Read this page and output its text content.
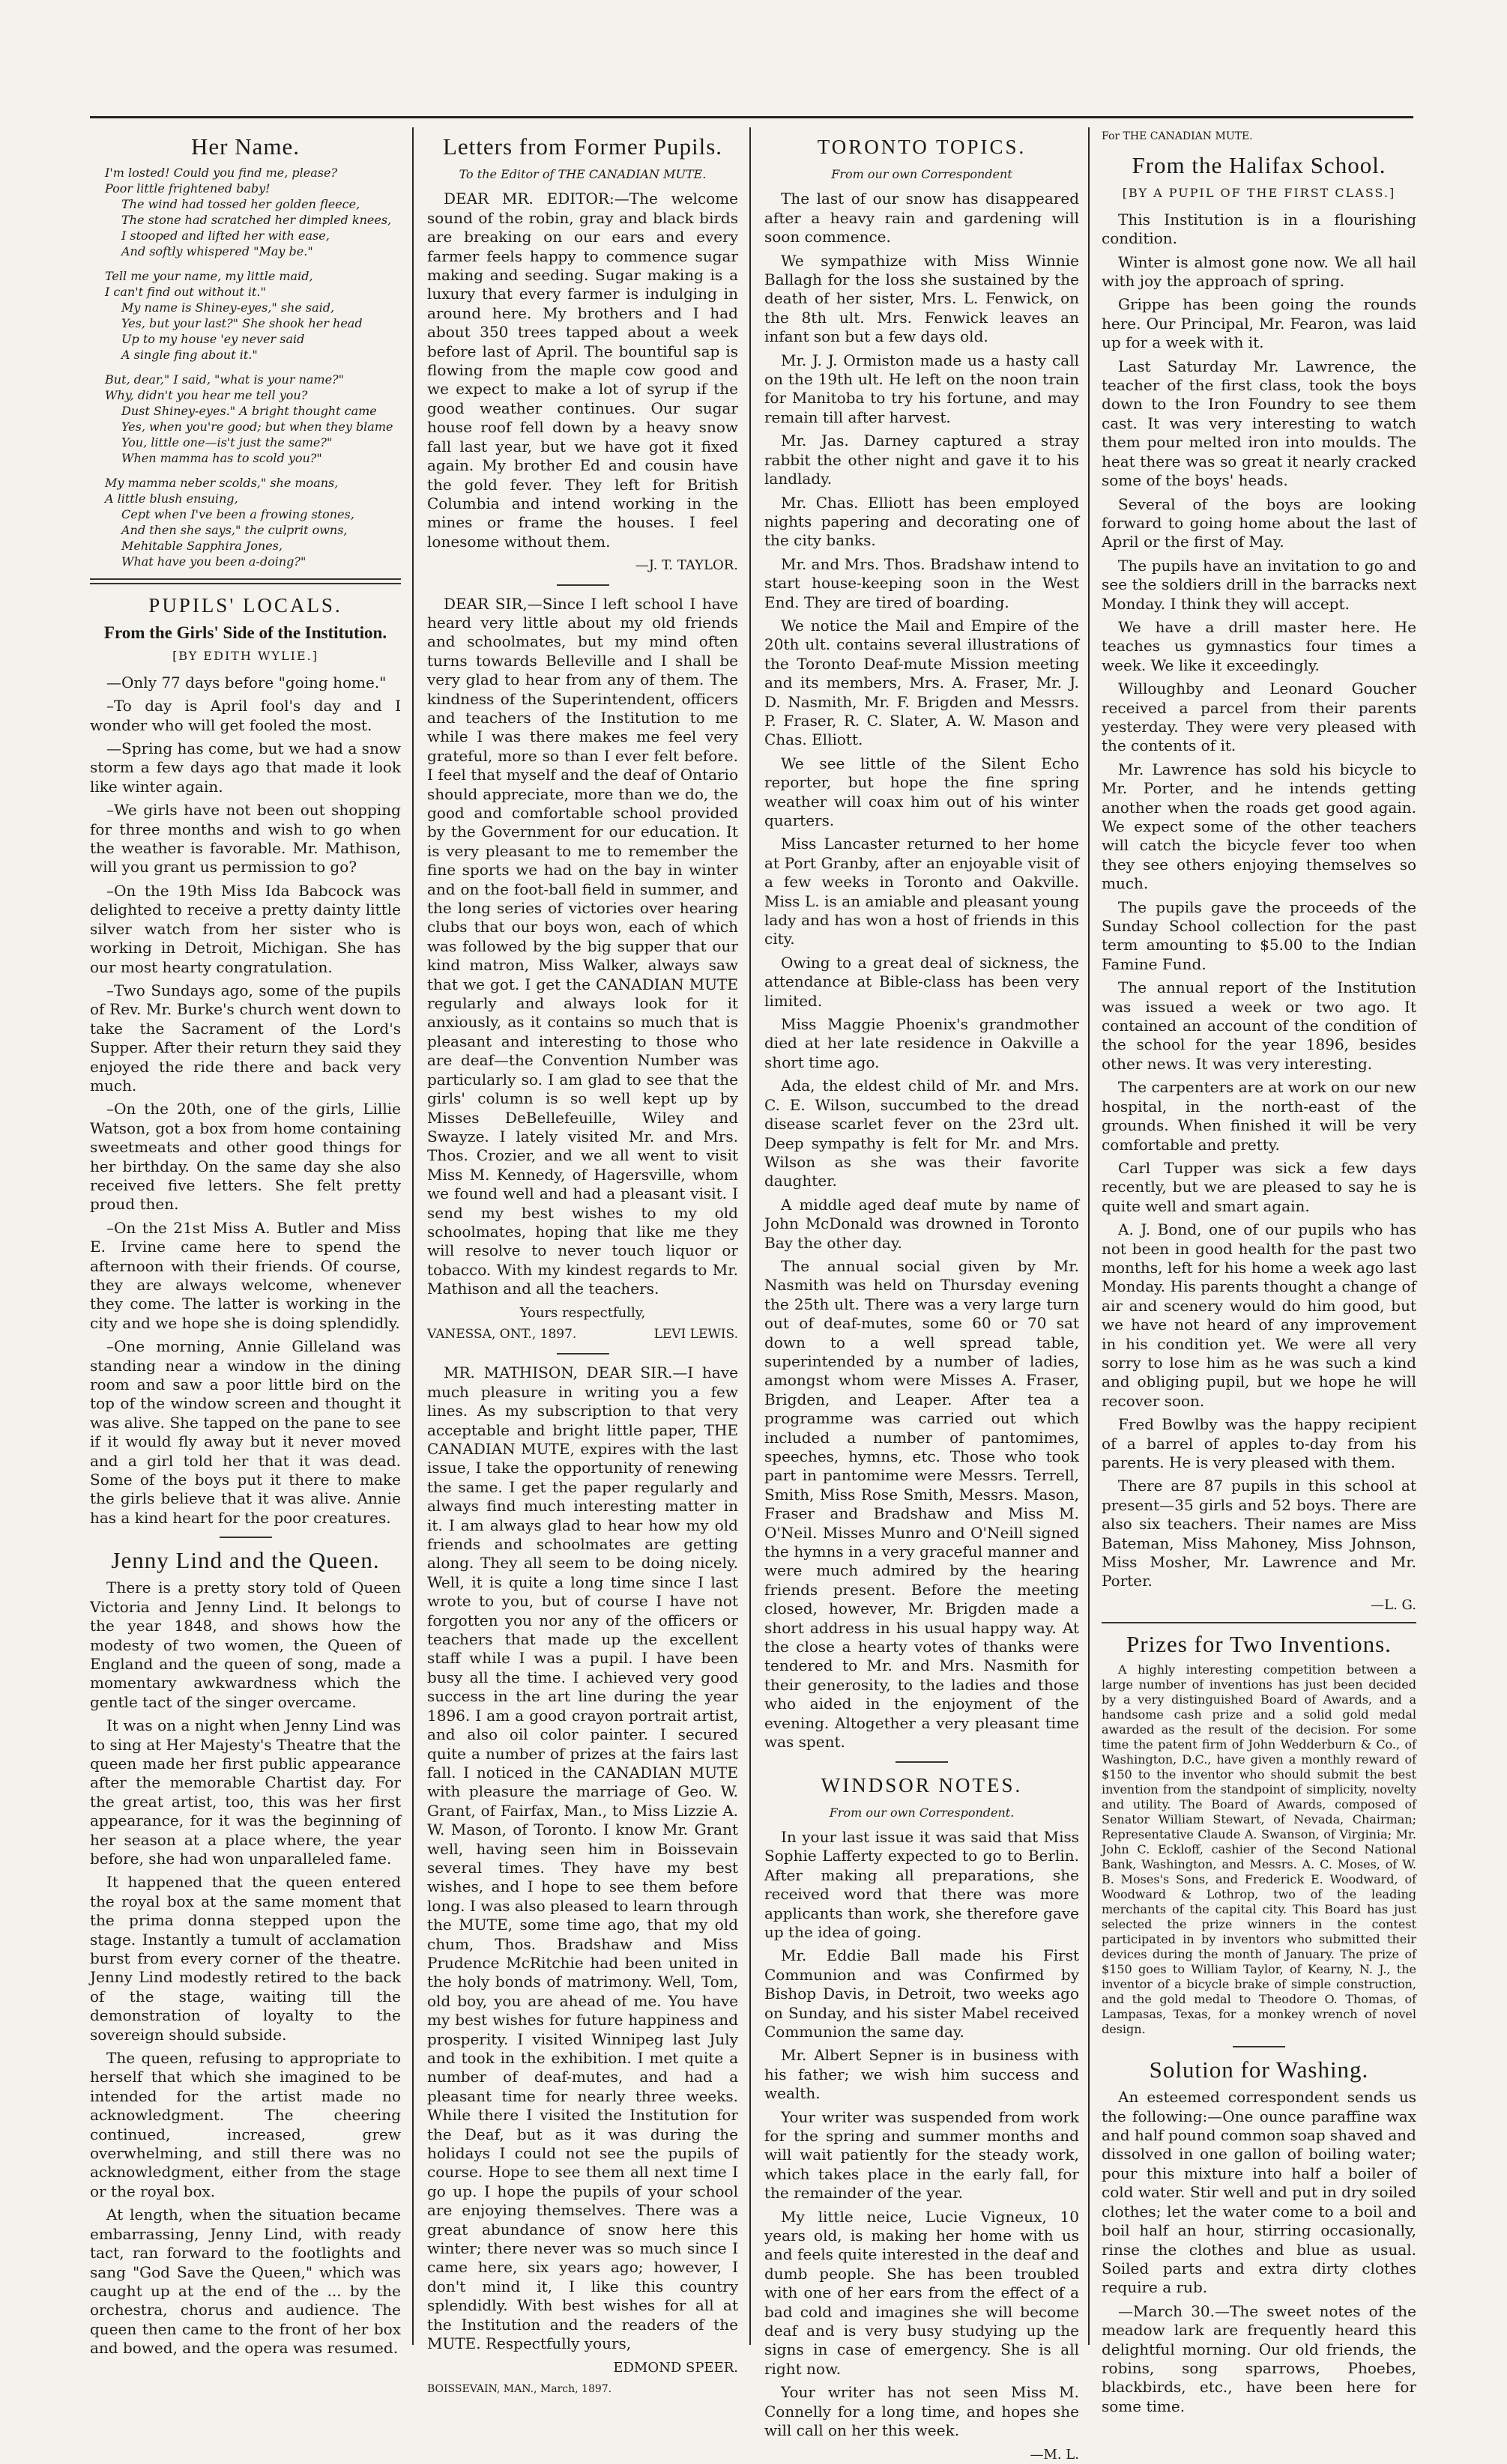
Her Name.
I'm losted! Could you find me, please?
Poor little frightened baby!
The wind had tossed her golden fleece,
The stone had scratched her dimpled knees,
I stooped and lifted her with ease,
And softly whispered "May be."
Tell me your name, my little maid,
I can't find out without it."
My name is Shiney-eyes," she said,
Yes, but your last?" She shook her head
Up to my house 'ey never said
A single fing about it."
But, dear," I said, "what is your name?"
Why, didn't you hear me tell you?
Dust Shiney-eyes." A bright thought came
Yes, when you're good; but when they blame
You, little one—is't just the same?"
When mamma has to scold you?"
My mamma neber scolds," she moans,
A little blush ensuing,
Cept when I've been a frowing stones,
And then she says," the culprit owns,
Mehitable Sapphira Jones,
What have you been a-doing?"
PUPILS' LOCALS.
From the Girls' Side of the Institution.
[BY EDITH WYLIE.]

—Only 77 days before "going home."

–To day is April fool's day and I wonder who will get fooled the most.

—Spring has come, but we had a snow storm a few days ago that made it look like winter again.

–We girls have not been out shopping for three months and wish to go when the weather is favorable. Mr. Mathison, will you grant us permission to go?

–On the 19th Miss Ida Babcock was delighted to receive a pretty dainty little silver watch from her sister who is working in Detroit, Michigan. She has our most hearty congratulation.

–Two Sundays ago, some of the pupils of Rev. Mr. Burke's church went down to take the Sacrament of the Lord's Supper. After their return they said they enjoyed the ride there and back very much.

–On the 20th, one of the girls, Lillie Watson, got a box from home containing sweetmeats and other good things for her birthday. On the same day she also received five letters. She felt pretty proud then.

–On the 21st Miss A. Butler and Miss E. Irvine came here to spend the afternoon with their friends. Of course, they are always welcome, whenever they come. The latter is working in the city and we hope she is doing splendidly.

–One morning, Annie Gilleland was standing near a window in the dining room and saw a poor little bird on the top of the window screen and thought it was alive. She tapped on the pane to see if it would fly away but it never moved and a girl told her that it was dead. Some of the boys put it there to make the girls believe that it was alive. Annie has a kind heart for the poor creatures.

Jenny Lind and the Queen.

There is a pretty story told of Queen Victoria and Jenny Lind. It belongs to the year 1848, and shows how the modesty of two women, the Queen of England and the queen of song, made a momentary awkwardness which the gentle tact of the singer overcame.

It was on a night when Jenny Lind was to sing at Her Majesty's Theatre that the queen made her first public appearance after the memorable Chartist day. For the great artist, too, this was her first appearance, for it was the beginning of her season at a place where, the year before, she had won unparalleled fame.

It happened that the queen entered the royal box at the same moment that the prima donna stepped upon the stage. Instantly a tumult of acclamation burst from every corner of the theatre. Jenny Lind modestly retired to the back of the stage, waiting till the demonstration of loyalty to the sovereign should subside.

The queen, refusing to appropriate to herself that which she imagined to be intended for the artist made no acknowledgment. The cheering continued, increased, grew overwhelming, and still there was no acknowledgment, either from the stage or the royal box.

At length, when the situation became embarrassing, Jenny Lind, with ready tact, ran forward to the footlights and sang "God Save the Queen," which was caught up at the end of the ... by the orchestra, chorus and audience. The queen then came to the front of her box and bowed, and the opera was resumed.

Letters from Former Pupils.
To the Editor of THE CANADIAN MUTE.

DEAR MR. EDITOR:—The welcome sound of the robin, gray and black birds are breaking on our ears and every farmer feels happy to commence sugar making and seeding. Sugar making is a luxury that every farmer is indulging in around here. My brothers and I had about 350 trees tapped about a week before last of April. The bountiful sap is flowing from the maple cow good and we expect to make a lot of syrup if the good weather continues. Our sugar house roof fell down by a heavy snow fall last year, but we have got it fixed again. My brother Ed and cousin have the gold fever. They left for British Columbia and intend working in the mines or frame the houses. I feel lonesome without them.

—J. T. TAYLOR.

DEAR SIR,—Since I left school I have heard very little about my old friends and schoolmates, but my mind often turns towards Belleville and I shall be very glad to hear from any of them. The kindness of the Superintendent, officers and teachers of the Institution to me while I was there makes me feel very grateful, more so than I ever felt before. I feel that myself and the deaf of Ontario should appreciate, more than we do, the good and comfortable school provided by the Government for our education. It is very pleasant to me to remember the fine sports we had on the bay in winter and on the foot-ball field in summer, and the long series of victories over hearing clubs that our boys won, each of which was followed by the big supper that our kind matron, Miss Walker, always saw that we got. I get the CANADIAN MUTE regularly and always look for it anxiously, as it contains so much that is pleasant and interesting to those who are deaf—the Convention Number was particularly so. I am glad to see that the girls' column is so well kept up by Misses DeBellefeuille, Wiley and Swayze. I lately visited Mr. and Mrs. Thos. Crozier, and we all went to visit Miss M. Kennedy, of Hagersville, whom we found well and had a pleasant visit. I send my best wishes to my old schoolmates, hoping that like me they will resolve to never touch liquor or tobacco. With my kindest regards to Mr. Mathison and all the teachers.

Yours respectfully,
VANESSA, ONT., 1897.	LEVI LEWIS.

MR. MATHISON, DEAR SIR.—I have much pleasure in writing you a few lines. As my subscription to that very acceptable and bright little paper, THE CANADIAN MUTE, expires with the last issue, I take the opportunity of renewing the same. I get the paper regularly and always find much interesting matter in it. I am always glad to hear how my old friends and schoolmates are getting along. They all seem to be doing nicely. Well, it is quite a long time since I last wrote to you, but of course I have not forgotten you nor any of the officers or teachers that made up the excellent staff while I was a pupil. I have been busy all the time. I achieved very good success in the art line during the year 1896. I am a good crayon portrait artist, and also oil color painter. I secured quite a number of prizes at the fairs last fall. I noticed in the CANADIAN MUTE with pleasure the marriage of Geo. W. Grant, of Fairfax, Man., to Miss Lizzie A. W. Mason, of Toronto. I know Mr. Grant well, having seen him in Boissevain several times. They have my best wishes, and I hope to see them before long. I was also pleased to learn through the MUTE, some time ago, that my old chum, Thos. Bradshaw and Miss Prudence McRitchie had been united in the holy bonds of matrimony. Well, Tom, old boy, you are ahead of me. You have my best wishes for future happiness and prosperity. I visited Winnipeg last July and took in the exhibition. I met quite a number of deaf-mutes, and had a pleasant time for nearly three weeks. While there I visited the Institution for the Deaf, but as it was during the holidays I could not see the pupils of course. Hope to see them all next time I go up. I hope the pupils of your school are enjoying themselves. There was a great abundance of snow here this winter; there never was so much since I came here, six years ago; however, I don't mind it, I like this country splendidly. With best wishes for all at the Institution and the readers of the MUTE. Respectfully yours,

EDMOND SPEER.
BOISSEVAIN, MAN., March, 1897.
TORONTO TOPICS.
From our own Correspondent

The last of our snow has disappeared after a heavy rain and gardening will soon commence.

We sympathize with Miss Winnie Ballagh for the loss she sustained by the death of her sister, Mrs. L. Fenwick, on the 8th ult. Mrs. Fenwick leaves an infant son but a few days old.

Mr. J. J. Ormiston made us a hasty call on the 19th ult. He left on the noon train for Manitoba to try his fortune, and may remain till after harvest.

Mr. Jas. Darney captured a stray rabbit the other night and gave it to his landlady.

Mr. Chas. Elliott has been employed nights papering and decorating one of the city banks.

Mr. and Mrs. Thos. Bradshaw intend to start house-keeping soon in the West End. They are tired of boarding.

We notice the Mail and Empire of the 20th ult. contains several illustrations of the Toronto Deaf-mute Mission meeting and its members, Mrs. A. Fraser, Mr. J. D. Nasmith, Mr. F. Brigden and Messrs. P. Fraser, R. C. Slater, A. W. Mason and Chas. Elliott.

We see little of the Silent Echo reporter, but hope the fine spring weather will coax him out of his winter quarters.

Miss Lancaster returned to her home at Port Granby, after an enjoyable visit of a few weeks in Toronto and Oakville. Miss L. is an amiable and pleasant young lady and has won a host of friends in this city.

Owing to a great deal of sickness, the attendance at Bible-class has been very limited.

Miss Maggie Phoenix's grandmother died at her late residence in Oakville a short time ago.

Ada, the eldest child of Mr. and Mrs. C. E. Wilson, succumbed to the dread disease scarlet fever on the 23rd ult. Deep sympathy is felt for Mr. and Mrs. Wilson as she was their favorite daughter.

A middle aged deaf mute by name of John McDonald was drowned in Toronto Bay the other day.

The annual social given by Mr. Nasmith was held on Thursday evening the 25th ult. There was a very large turn out of deaf-mutes, some 60 or 70 sat down to a well spread table, superintended by a number of ladies, amongst whom were Misses A. Fraser, Brigden, and Leaper. After tea a programme was carried out which included a number of pantomimes, speeches, hymns, etc. Those who took part in pantomime were Messrs. Terrell, Smith, Miss Rose Smith, Messrs. Mason, Fraser and Bradshaw and Miss M. O'Neil. Misses Munro and O'Neill signed the hymns in a very graceful manner and were much admired by the hearing friends present. Before the meeting closed, however, Mr. Brigden made a short address in his usual happy way. At the close a hearty votes of thanks were tendered to Mr. and Mrs. Nasmith for their generosity, to the ladies and those who aided in the enjoyment of the evening. Altogether a very pleasant time was spent.

WINDSOR NOTES.
From our own Correspondent.

In your last issue it was said that Miss Sophie Lafferty expected to go to Berlin. After making all preparations, she received word that there was more applicants than work, she therefore gave up the idea of going.

Mr. Eddie Ball made his First Communion and was Confirmed by Bishop Davis, in Detroit, two weeks ago on Sunday, and his sister Mabel received Communion the same day.

Mr. Albert Sepner is in business with his father; we wish him success and wealth.

Your writer was suspended from work for the spring and summer months and will wait patiently for the steady work, which takes place in the early fall, for the remainder of the year.

My little neice, Lucie Vigneux, 10 years old, is making her home with us and feels quite interested in the deaf and dumb people. She has been troubled with one of her ears from the effect of a bad cold and imagines she will become deaf and is very busy studying up the signs in case of emergency. She is all right now.

Your writer has not seen Miss M. Connelly for a long time, and hopes she will call on her this week.

—M. L.
For THE CANADIAN MUTE.
From the Halifax School.
[BY A PUPIL OF THE FIRST CLASS.]

This Institution is in a flourishing condition.

Winter is almost gone now. We all hail with joy the approach of spring.

Grippe has been going the rounds here. Our Principal, Mr. Fearon, was laid up for a week with it.

Last Saturday Mr. Lawrence, the teacher of the first class, took the boys down to the Iron Foundry to see them cast. It was very interesting to watch them pour melted iron into moulds. The heat there was so great it nearly cracked some of the boys' heads.

Several of the boys are looking forward to going home about the last of April or the first of May.

The pupils have an invitation to go and see the soldiers drill in the barracks next Monday. I think they will accept.

We have a drill master here. He teaches us gymnastics four times a week. We like it exceedingly.

Willoughby and Leonard Goucher received a parcel from their parents yesterday. They were very pleased with the contents of it.

Mr. Lawrence has sold his bicycle to Mr. Porter, and he intends getting another when the roads get good again. We expect some of the other teachers will catch the bicycle fever too when they see others enjoying themselves so much.

The pupils gave the proceeds of the Sunday School collection for the past term amounting to $5.00 to the Indian Famine Fund.

The annual report of the Institution was issued a week or two ago. It contained an account of the condition of the school for the year 1896, besides other news. It was very interesting.

The carpenters are at work on our new hospital, in the north-east of the grounds. When finished it will be very comfortable and pretty.

Carl Tupper was sick a few days recently, but we are pleased to say he is quite well and smart again.

A. J. Bond, one of our pupils who has not been in good health for the past two months, left for his home a week ago last Monday. His parents thought a change of air and scenery would do him good, but we have not heard of any improvement in his condition yet. We were all very sorry to lose him as he was such a kind and obliging pupil, but we hope he will recover soon.

Fred Bowlby was the happy recipient of a barrel of apples to-day from his parents. He is very pleased with them.

There are 87 pupils in this school at present—35 girls and 52 boys. There are also six teachers. Their names are Miss Bateman, Miss Mahoney, Miss Johnson, Miss Mosher, Mr. Lawrence and Mr. Porter.

—L. G.
Prizes for Two Inventions.

A highly interesting competition between a large number of inventions has just been decided by a very distinguished Board of Awards, and a handsome cash prize and a solid gold medal awarded as the result of the decision. For some time the patent firm of John Wedderburn & Co., of Washington, D.C., have given a monthly reward of $150 to the inventor who should submit the best invention from the standpoint of simplicity, novelty and utility. The Board of Awards, composed of Senator William Stewart, of Nevada, Chairman; Representative Claude A. Swanson, of Virginia; Mr. John C. Eckloff, cashier of the Second National Bank, Washington, and Messrs. A. C. Moses, of W. B. Moses's Sons, and Frederick E. Woodward, of Woodward & Lothrop, two of the leading merchants of the capital city. This Board has just selected the prize winners in the contest participated in by inventors who submitted their devices during the month of January. The prize of $150 goes to William Taylor, of Kearny, N. J., the inventor of a bicycle brake of simple construction, and the gold medal to Theodore O. Thomas, of Lampasas, Texas, for a monkey wrench of novel design.

Solution for Washing.

An esteemed correspondent sends us the following:—One ounce paraffine wax and half pound common soap shaved and dissolved in one gallon of boiling water; pour this mixture into half a boiler of cold water. Stir well and put in dry soiled clothes; let the water come to a boil and boil half an hour, stirring occasionally, rinse the clothes and blue as usual. Soiled parts and extra dirty clothes require a rub.

—March 30.—The sweet notes of the meadow lark are frequently heard this delightful morning. Our old friends, the robins, song sparrows, Phoebes, blackbirds, etc., have been here for some time.
